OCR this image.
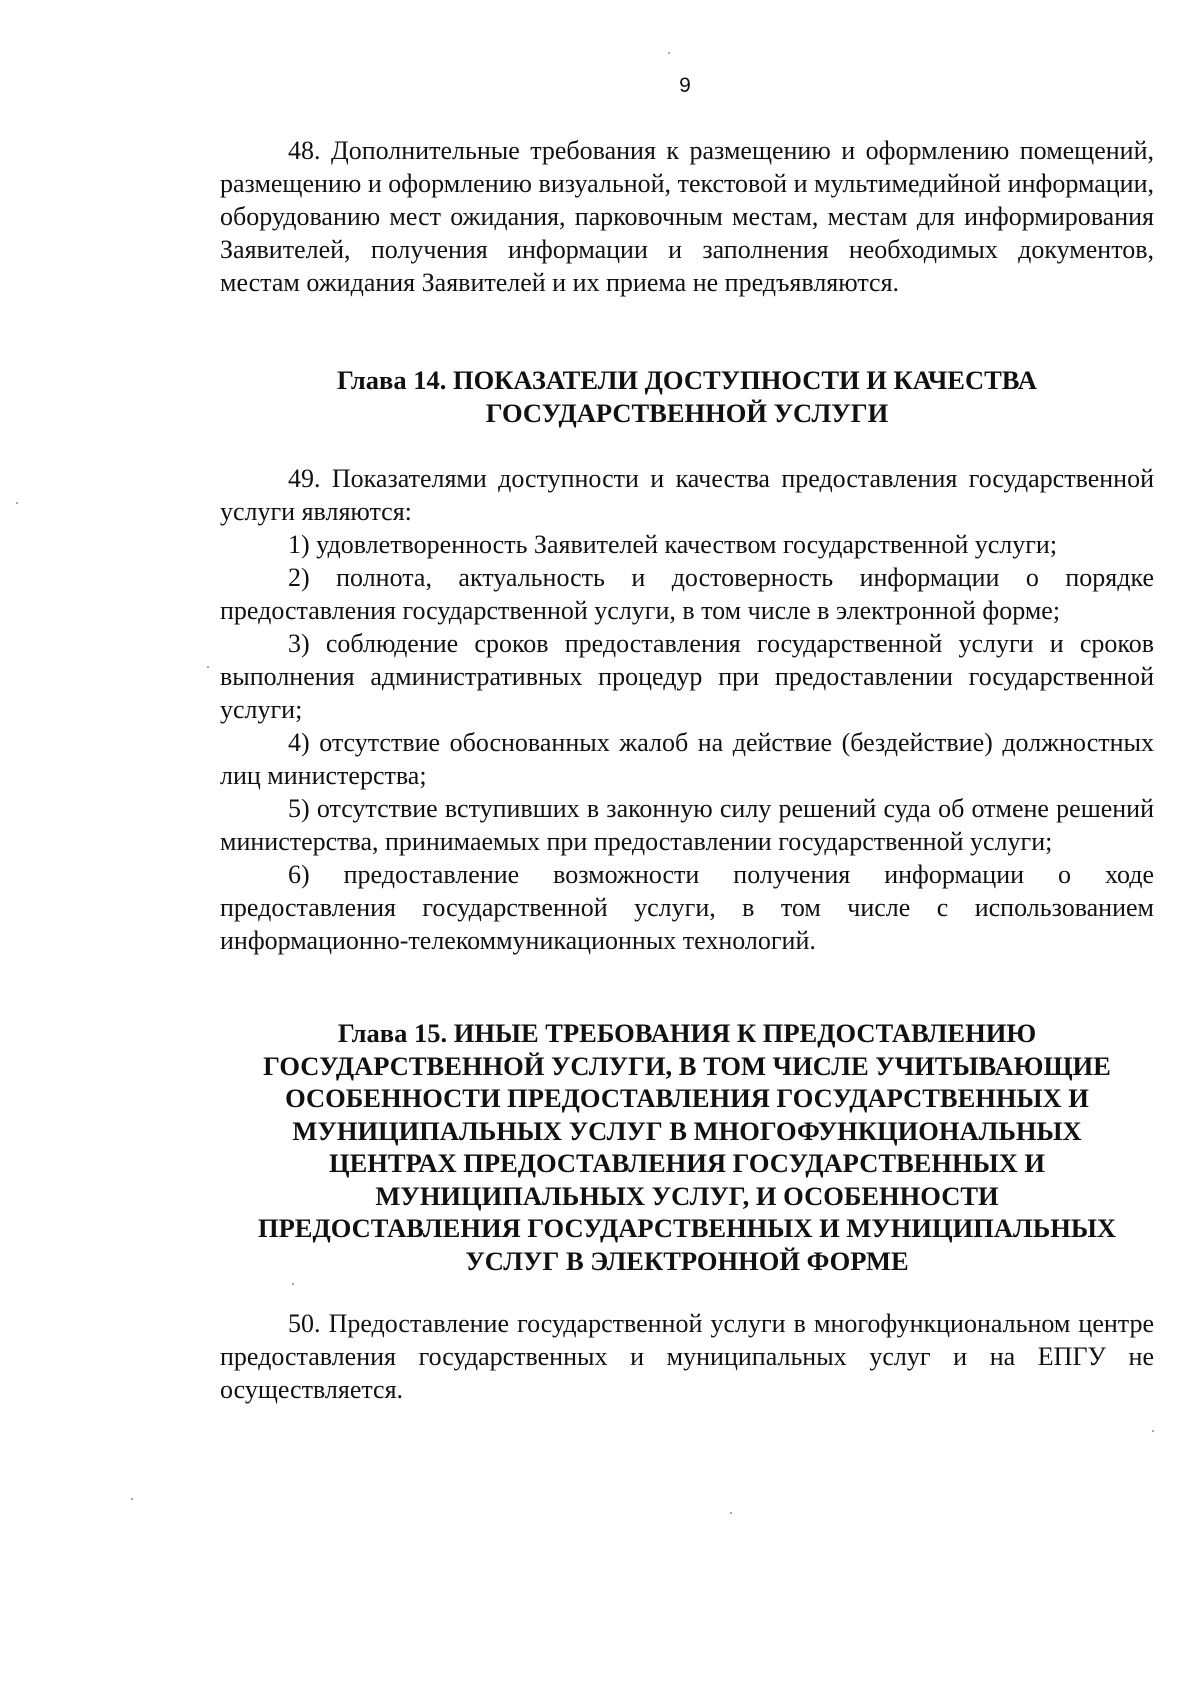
9

48. Дополнительные требования к размещению и оформлению помещений, размещению и оформлению визуальной, текстовой и мультимедийной информации, оборудованию мест ожидания, парковочным местам, местам для информирования Заявителей, получения информации и заполнения необходимых документов, местам ожидания Заявителей и их приема не предъявляются.

Глава 14. ПОКАЗАТЕЛИ ДОСТУПНОСТИ И КАЧЕСТВА

ГОСУДАРСТВЕННОЙ УСЛУГИ

49. Показателями доступности и качества предоставления государственной услуги являются:

1) удовлетворенность Заявителей качеством государственной услуги;

2) полнота, актуальность и достоверность информации о порядке предоставления государственной услуги, в том числе в электронной форме;

3) соблюдение сроков предоставления государственной услуги и сроков выполнения административных процедур при предоставлении государственной услуги;

4) отсутствие обоснованных жалоб на действие (бездействие) должностных лиц министерства;

5) отсутствие вступивших в законную силу решений суда об отмене решений министерства, принимаемых при предоставлении государственной услуги;

6) предоставление возможности получения информации о ходе предоставления государственной услуги, в том числе с использованием информационно-телекоммуникационных технологий.

Глава 15. ИНЫЕ ТРЕБОВАНИЯ К ПРЕДОСТАВЛЕНИЮ

ГОСУДАРСТВЕННОЙ УСЛУГИ, В ТОМ ЧИСЛЕ УЧИТЫВАЮЩИЕ

ОСОБЕННОСТИ ПРЕДОСТАВЛЕНИЯ ГОСУДАРСТВЕННЫХ И

МУНИЦИПАЛЬНЫХ УСЛУГ В МНОГОФУНКЦИОНАЛЬНЫХ

ЦЕНТРАХ ПРЕДОСТАВЛЕНИЯ ГОСУДАРСТВЕННЫХ И

МУНИЦИПАЛЬНЫХ УСЛУГ, И ОСОБЕННОСТИ

ПРЕДОСТАВЛЕНИЯ ГОСУДАРСТВЕННЫХ И МУНИЦИПАЛЬНЫХ

УСЛУГ В ЭЛЕКТРОННОЙ ФОРМЕ

50. Предоставление государственной услуги в многофункциональном центре предоставления государственных и муниципальных услуг и на ЕПГУ не осуществляется.
